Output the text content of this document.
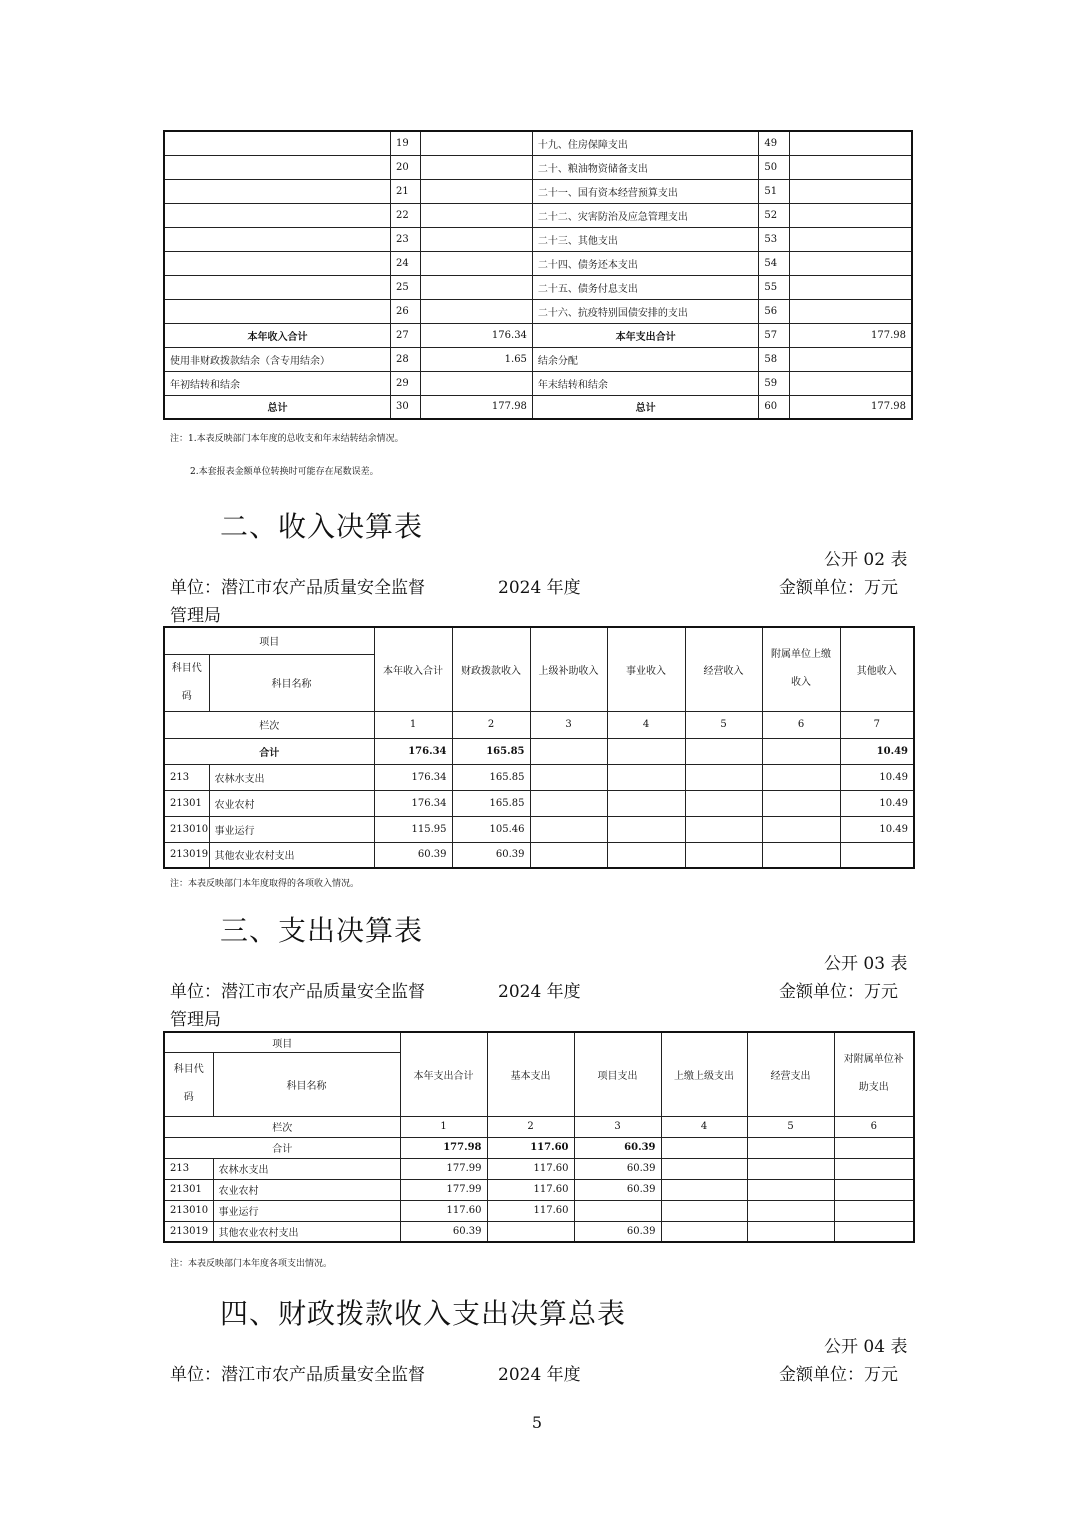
	19		十九、住房保障支出	49	
	20		二十、粮油物资储备支出	50	
	21		二十一、国有资本经营预算支出	51	
	22		二十二、灾害防治及应急管理支出	52	
	23		二十三、其他支出	53	
	24		二十四、债务还本支出	54	
	25		二十五、债务付息支出	55	
	26		二十六、抗疫特别国债安排的支出	56	
本年收入合计	27	176.34	本年支出合计	57	177.98
使用非财政拨款结余（含专用结余）	28	1.65	结余分配	58	
年初结转和结余	29		年末结转和结余	59	
总计	30	177.98	总计	60	177.98
注：1.本表反映部门本年度的总收支和年末结转结余情况。
2.本套报表金额单位转换时可能存在尾数误差。
二、收入决算表
公开 02 表
单位：潜江市农产品质量安全监督	2024 年度	金额单位：万元
管理局
项目		本年收入合计	财政拨款收入	上级补助收入	事业收入	经营收入	附属单位上缴收入	其他收入
科目代码	科目名称							
栏次		1	2	3	4	5	6	7
合计		176.34	165.85					10.49
213	农林水支出	176.34	165.85					10.49
21301	农业农村	176.34	165.85					10.49
213010	事业运行	115.95	105.46					10.49
213019	其他农业农村支出	60.39	60.39					
注：本表反映部门本年度取得的各项收入情况。
三、支出决算表
公开 03 表
单位：潜江市农产品质量安全监督	2024 年度	金额单位：万元
管理局
项目		本年支出合计	基本支出	项目支出	上缴上级支出	经营支出	对附属单位补助支出
科目代码	科目名称						
栏次		1	2	3	4	5	6
合计		177.98	117.60	60.39			
213	农林水支出	177.99	117.60	60.39			
21301	农业农村	177.99	117.60	60.39			
213010	事业运行	117.60	117.60				
213019	其他农业农村支出	60.39		60.39			
注：本表反映部门本年度各项支出情况。
四、财政拨款收入支出决算总表
公开 04 表
单位：潜江市农产品质量安全监督	2024 年度	金额单位：万元
5
